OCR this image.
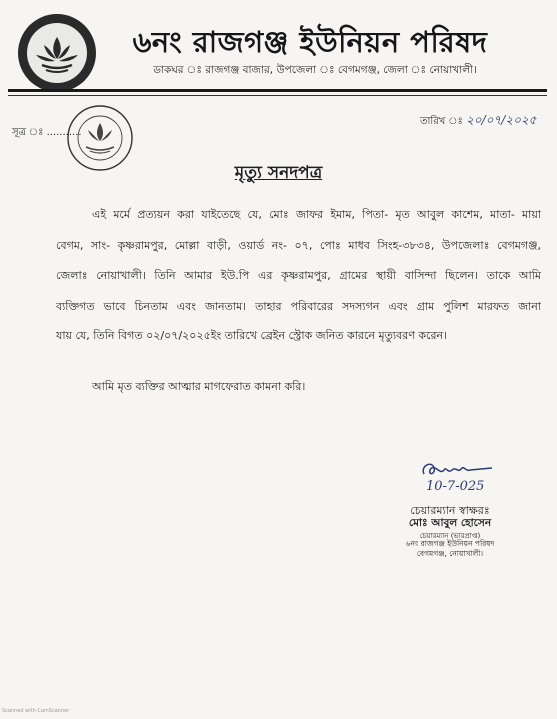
৬নং রাজগঞ্জ ইউনিয়ন পরিষদ
ডাকঘর ঃ রাজগঞ্জ বাজার, উপজেলা ঃ বেগমগঞ্জ, জেলা ঃ নোয়াখালী।
সূত্র ঃ ...........
তারিখ ঃ ২০/০৭/২০২৫
মৃত্যু সনদপত্র
এই মর্মে প্রত্যয়ন করা যাইতেছে যে, মোঃ জাফর ইমাম, পিতা- মৃত আবুল কাশেম, মাতা- মায়া
বেগম, সাং- কৃষ্ণরামপুর, মোল্লা বাড়ী, ওয়ার্ড নং- ০৭, পোঃ মাধব সিংহ-৩৮৩৪, উপজেলাঃ বেগমগঞ্জ,
জেলাঃ নোয়াখালী। তিনি আমার ইউ.পি এর কৃষ্ণরামপুর, গ্রামের স্থায়ী বাসিন্দা ছিলেন। তাকে আমি
ব্যক্তিগত ভাবে চিনতাম এবং জানতাম। তাহার পরিবারের সদস্যগন এবং গ্রাম পুলিশ মারফত জানা
যায় যে, তিনি বিগত ০২/০৭/২০২৫ইং তারিখে ব্রেইন স্ট্রোক জনিত কারনে মৃত্যুবরণ করেন।
আমি মৃত ব্যক্তির আত্মার মাগফেরাত কামনা করি।
10-7-025
চেয়ারম্যান স্বাক্ষরঃ
মোঃ আবুল হোসেন
চেয়ারম্যান (ভারপ্রাপ্ত)
৬নং রাজগঞ্জ ইউনিয়ন পরিষদ
বেগমগঞ্জ, নোয়াখালী।
Scanned with CamScanner
